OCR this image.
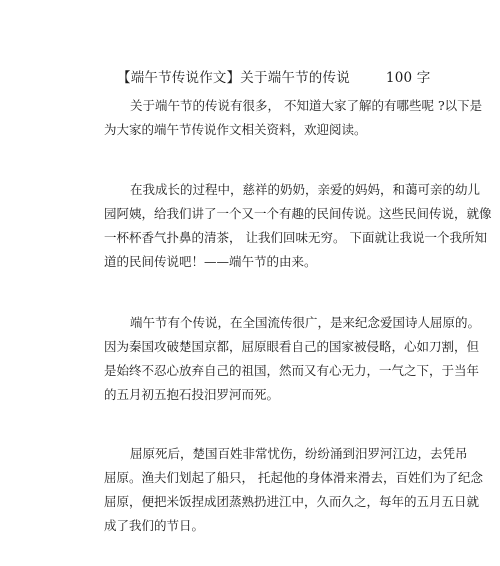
【端午节传说作文】关于端午节的传说	100 字
关于端午节的传说有很多， 不知道大家了解的有哪些呢 ?以下是
为大家的端午节传说作文相关资料，欢迎阅读。
在我成长的过程中，慈祥的奶奶，亲爱的妈妈，和蔼可亲的幼儿
园阿姨，给我们讲了一个又一个有趣的民间传说。这些民间传说，就像
一杯杯香气扑鼻的清茶， 让我们回味无穷。 下面就让我说一个我所知
道的民间传说吧！——端午节的由来。
端午节有个传说，在全国流传很广，是来纪念爱国诗人屈原的。
因为秦国攻破楚国京都，屈原眼看自己的国家被侵略，心如刀割，但
是始终不忍心放弃自己的祖国，然而又有心无力，一气之下，于当年
的五月初五抱石投汨罗河而死。
屈原死后，楚国百姓非常忧伤，纷纷涌到汨罗河江边，去凭吊
屈原。渔夫们划起了船只， 托起他的身体滑来滑去，百姓们为了纪念
屈原，便把米饭捏成团蒸熟扔进江中，久而久之，每年的五月五日就
成了我们的节日。
